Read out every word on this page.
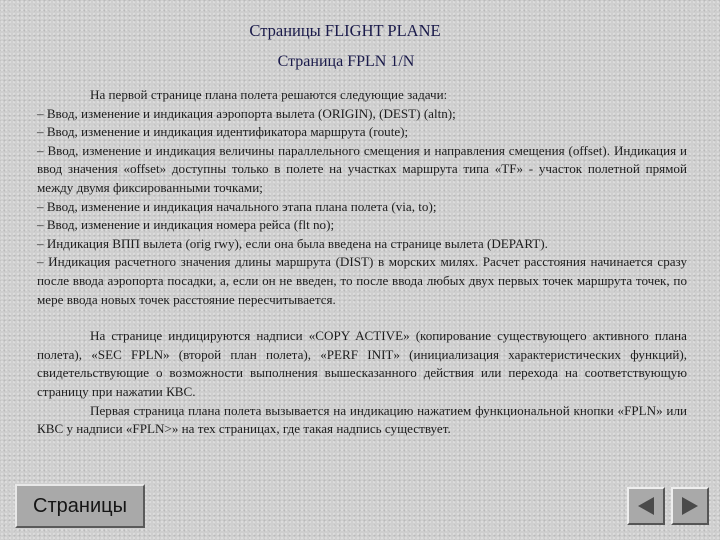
Страницы FLIGHT PLANE
Страница FPLN 1/N

На первой странице плана полета решаются следующие задачи:

– Ввод, изменение и индикация аэропорта вылета (ORIGIN), (DEST) (altn);

– Ввод, изменение и индикация идентификатора маршрута (route);

– Ввод, изменение и индикация величины параллельного смещения и направления смещения (offset). Индикация и ввод значения «offset» доступны только в полете на участках маршрута типа «TF» - участок полетной прямой между двумя фиксированными точками;

– Ввод, изменение и индикация начального этапа плана полета (via, to);

– Ввод, изменение и индикация номера рейса (flt no);

– Индикация ВПП вылета (orig rwy), если она была введена на странице вылета (DEPART).

– Индикация расчетного значения длины маршрута (DIST) в морских милях. Расчет расстояния начинается сразу после ввода аэропорта посадки, а, если он не введен, то после ввода любых двух первых точек маршрута точек, по мере ввода новых точек расстояние пересчитывается.

На странице индицируются надписи «COPY ACTIVE» (копирование существующего активного плана полета), «SEC FPLN» (второй план полета), «PERF INIT» (инициализация характеристических функций), свидетельствующие о возможности выполнения вышесказанного действия или перехода на соответствующую страницу при нажатии КВС.

Первая страница плана полета вызывается на индикацию нажатием функциональной кнопки «FPLN» или КВС у надписи «FPLN>» на тех страницах, где такая надпись существует.

Страницы
